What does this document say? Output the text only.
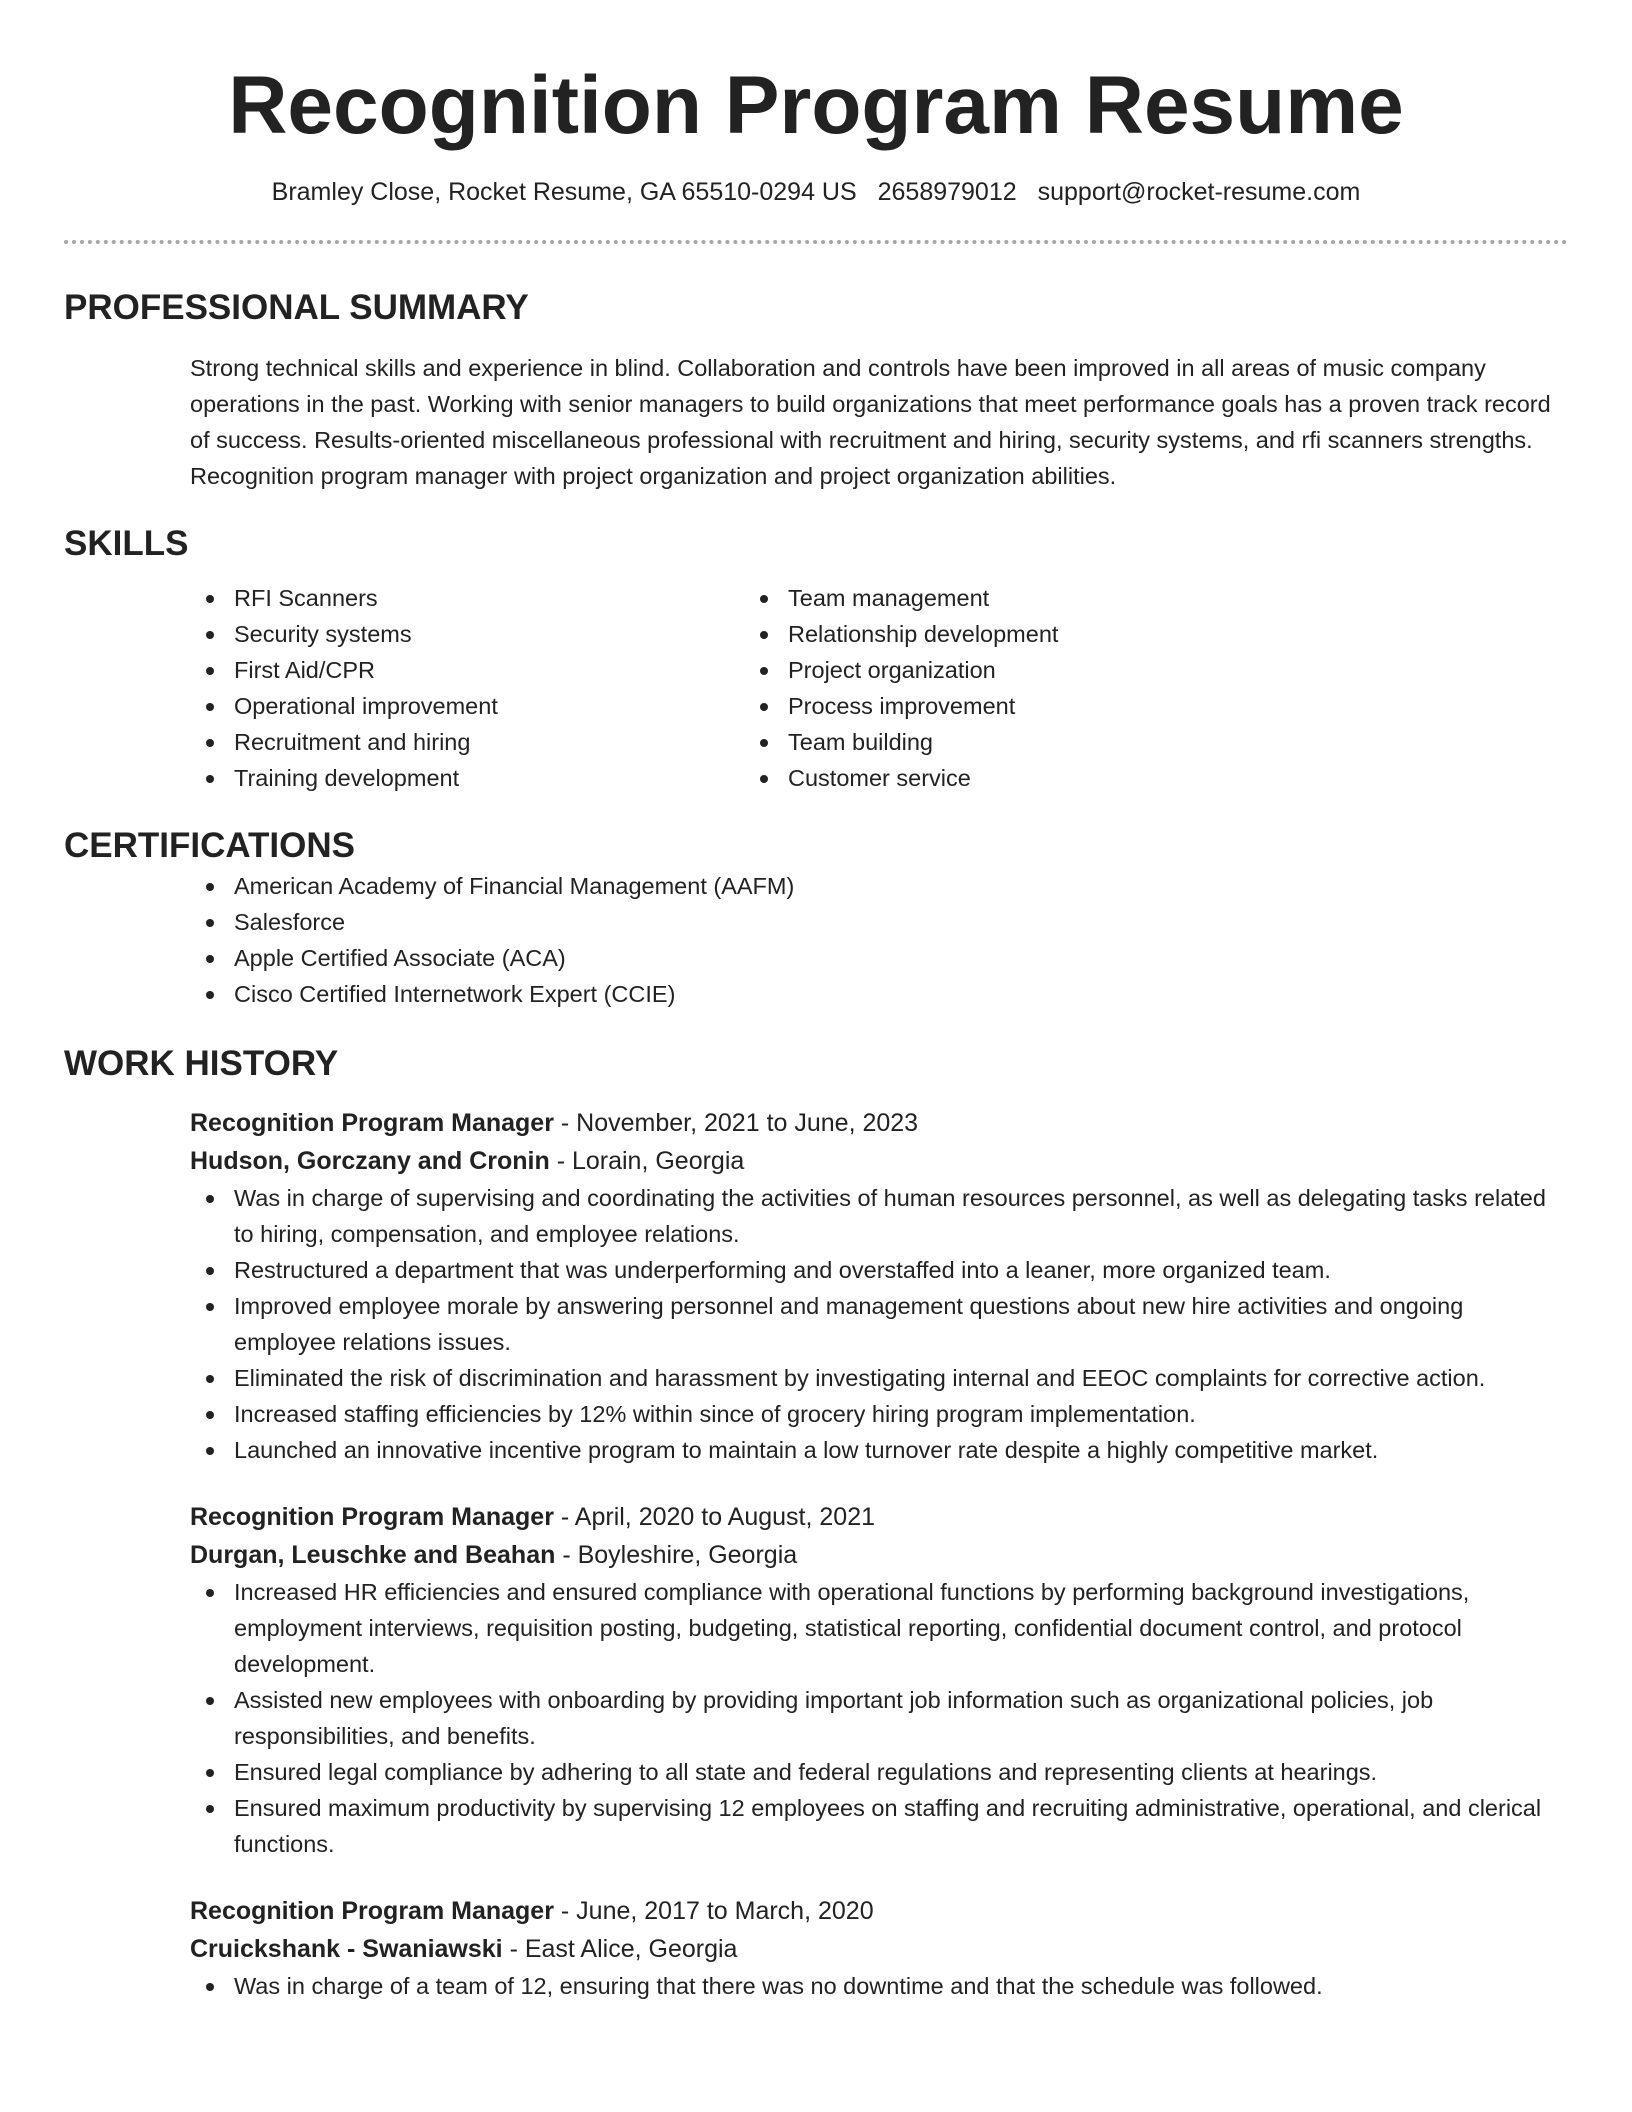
Recognition Program Resume
Bramley Close, Rocket Resume, GA 65510-0294 US 2658979012 support@rocket-resume.com
PROFESSIONAL SUMMARY

Strong technical skills and experience in blind. Collaboration and controls have been improved in all areas of music company operations in the past. Working with senior managers to build organizations that meet performance goals has a proven track record of success. Results-oriented miscellaneous professional with recruitment and hiring, security systems, and rfi scanners strengths. Recognition program manager with project organization and project organization abilities.

SKILLS
RFI Scanners
Security systems
First Aid/CPR
Operational improvement
Recruitment and hiring
Training development
Team management
Relationship development
Project organization
Process improvement
Team building
Customer service
CERTIFICATIONS
American Academy of Financial Management (AAFM)
Salesforce
Apple Certified Associate (ACA)
Cisco Certified Internetwork Expert (CCIE)
WORK HISTORY
Recognition Program Manager - November, 2021 to June, 2023
Hudson, Gorczany and Cronin - Lorain, Georgia
Was in charge of supervising and coordinating the activities of human resources personnel, as well as delegating tasks related to hiring, compensation, and employee relations.
Restructured a department that was underperforming and overstaffed into a leaner, more organized team.
Improved employee morale by answering personnel and management questions about new hire activities and ongoing employee relations issues.
Eliminated the risk of discrimination and harassment by investigating internal and EEOC complaints for corrective action.
Increased staffing efficiencies by 12% within since of grocery hiring program implementation.
Launched an innovative incentive program to maintain a low turnover rate despite a highly competitive market.
Recognition Program Manager - April, 2020 to August, 2021
Durgan, Leuschke and Beahan - Boyleshire, Georgia
Increased HR efficiencies and ensured compliance with operational functions by performing background investigations, employment interviews, requisition posting, budgeting, statistical reporting, confidential document control, and protocol development.
Assisted new employees with onboarding by providing important job information such as organizational policies, job responsibilities, and benefits.
Ensured legal compliance by adhering to all state and federal regulations and representing clients at hearings.
Ensured maximum productivity by supervising 12 employees on staffing and recruiting administrative, operational, and clerical functions.
Recognition Program Manager - June, 2017 to March, 2020
Cruickshank - Swaniawski - East Alice, Georgia
Was in charge of a team of 12, ensuring that there was no downtime and that the schedule was followed.
